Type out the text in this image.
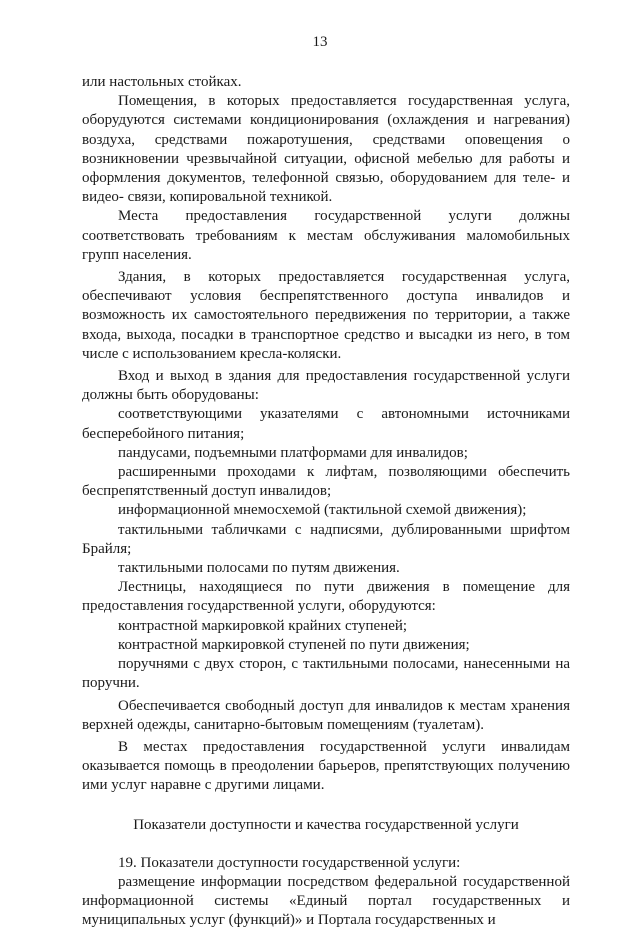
13

или настольных стойках.

Помещения, в которых предоставляется государственная услуга, оборудуются системами кондиционирования (охлаждения и нагревания) воздуха, средствами пожаротушения, средствами оповещения о возникновении чрезвычайной ситуации, офисной мебелью для работы и оформления документов, телефонной связью, оборудованием для теле- и видео- связи, копировальной техникой.

Места предоставления государственной услуги должны соответствовать требованиям к местам обслуживания маломобильных групп населения.

Здания, в которых предоставляется государственная услуга, обеспечивают условия беспрепятственного доступа инвалидов и возможность их самостоятельного передвижения по территории, а также входа, выхода, посадки в транспортное средство и высадки из него, в том числе с использованием кресла-коляски.

Вход и выход в здания для предоставления государственной услуги должны быть оборудованы:

соответствующими указателями с автономными источниками бесперебойного питания;

пандусами, подъемными платформами для инвалидов;

расширенными проходами к лифтам, позволяющими обеспечить беспрепятственный доступ инвалидов;

информационной мнемосхемой (тактильной схемой движения);

тактильными табличками с надписями, дублированными шрифтом Брайля;

тактильными полосами по путям движения.

Лестницы, находящиеся по пути движения в помещение для предоставления государственной услуги, оборудуются:

контрастной маркировкой крайних ступеней;

контрастной маркировкой ступеней по пути движения;

поручнями с двух сторон, с тактильными полосами, нанесенными на поручни.

Обеспечивается свободный доступ для инвалидов к местам хранения верхней одежды, санитарно-бытовым помещениям (туалетам).

В местах предоставления государственной услуги инвалидам оказывается помощь в преодолении барьеров, препятствующих получению ими услуг наравне с другими лицами.

Показатели доступности и качества государственной услуги

19. Показатели доступности государственной услуги:

размещение информации посредством федеральной государственной информационной системы «Единый портал государственных и муниципальных услуг (функций)» и Портала государственных и
